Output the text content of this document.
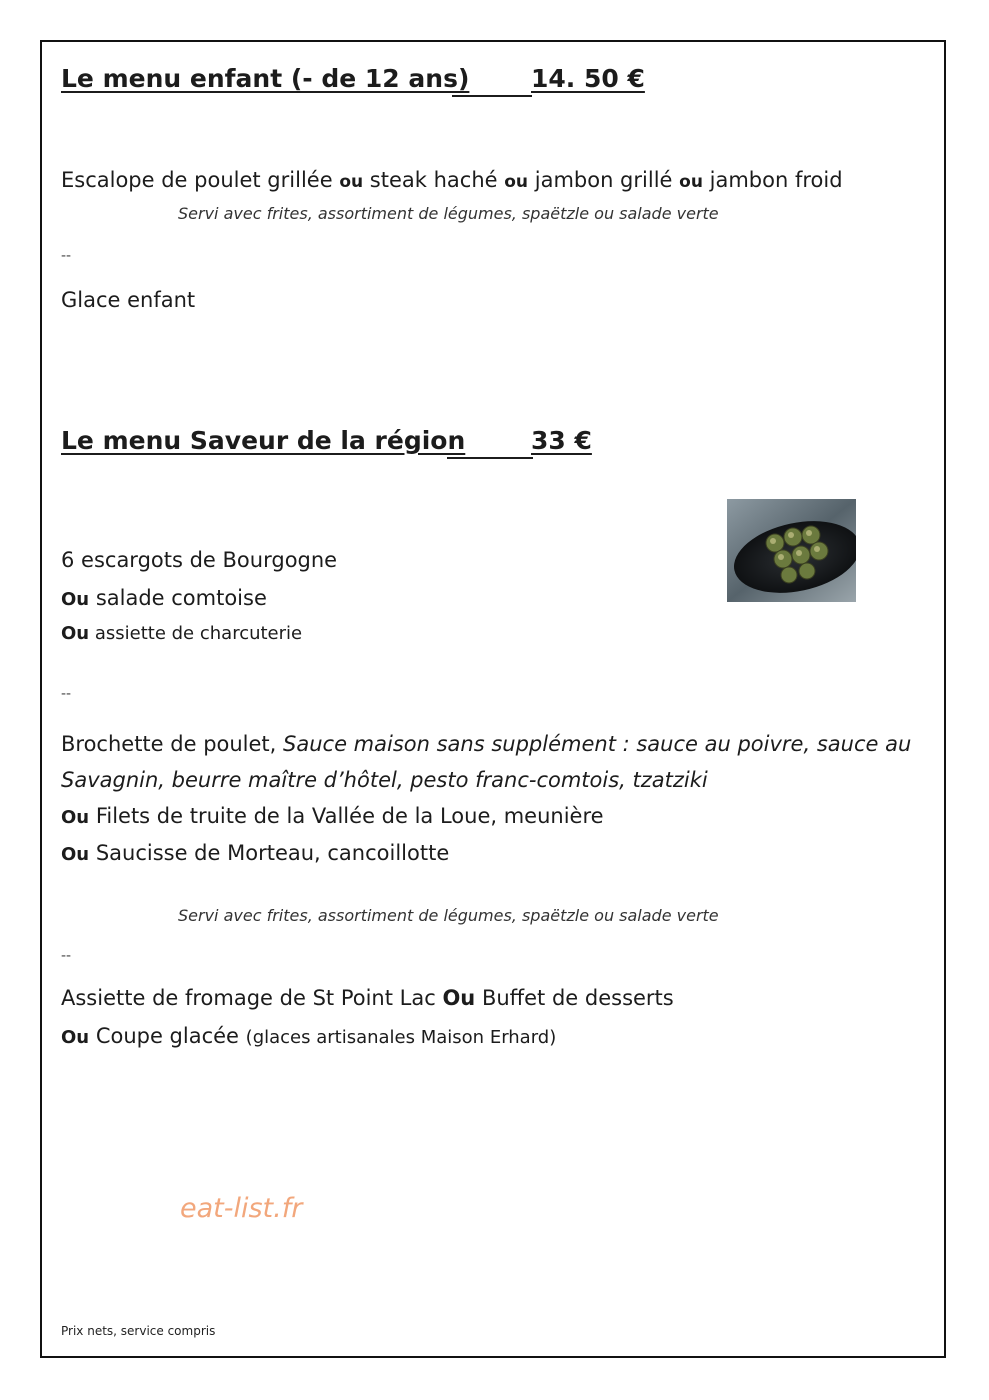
Le menu enfant (- de 12 ans) 14. 50 €
Escalope de poulet grillée ou steak haché ou jambon grillé ou jambon froid
Servi avec frites, assortiment de légumes, spaëtzle ou salade verte
--
Glace enfant
Le menu Saveur de la région	33 €
6 escargots de Bourgogne
Ou salade comtoise
Ou assiette de charcuterie
--
Brochette de poulet, Sauce maison sans supplément : sauce au poivre, sauce au
Savagnin, beurre maître d’hôtel, pesto franc-comtois, tzatziki
Ou Filets de truite de la Vallée de la Loue, meunière
Ou Saucisse de Morteau, cancoillotte
Servi avec frites, assortiment de légumes, spaëtzle ou salade verte
--
Assiette de fromage de St Point Lac Ou Buffet de desserts
Ou Coupe glacée (glaces artisanales Maison Erhard)
eat-list.fr
Prix nets, service compris
